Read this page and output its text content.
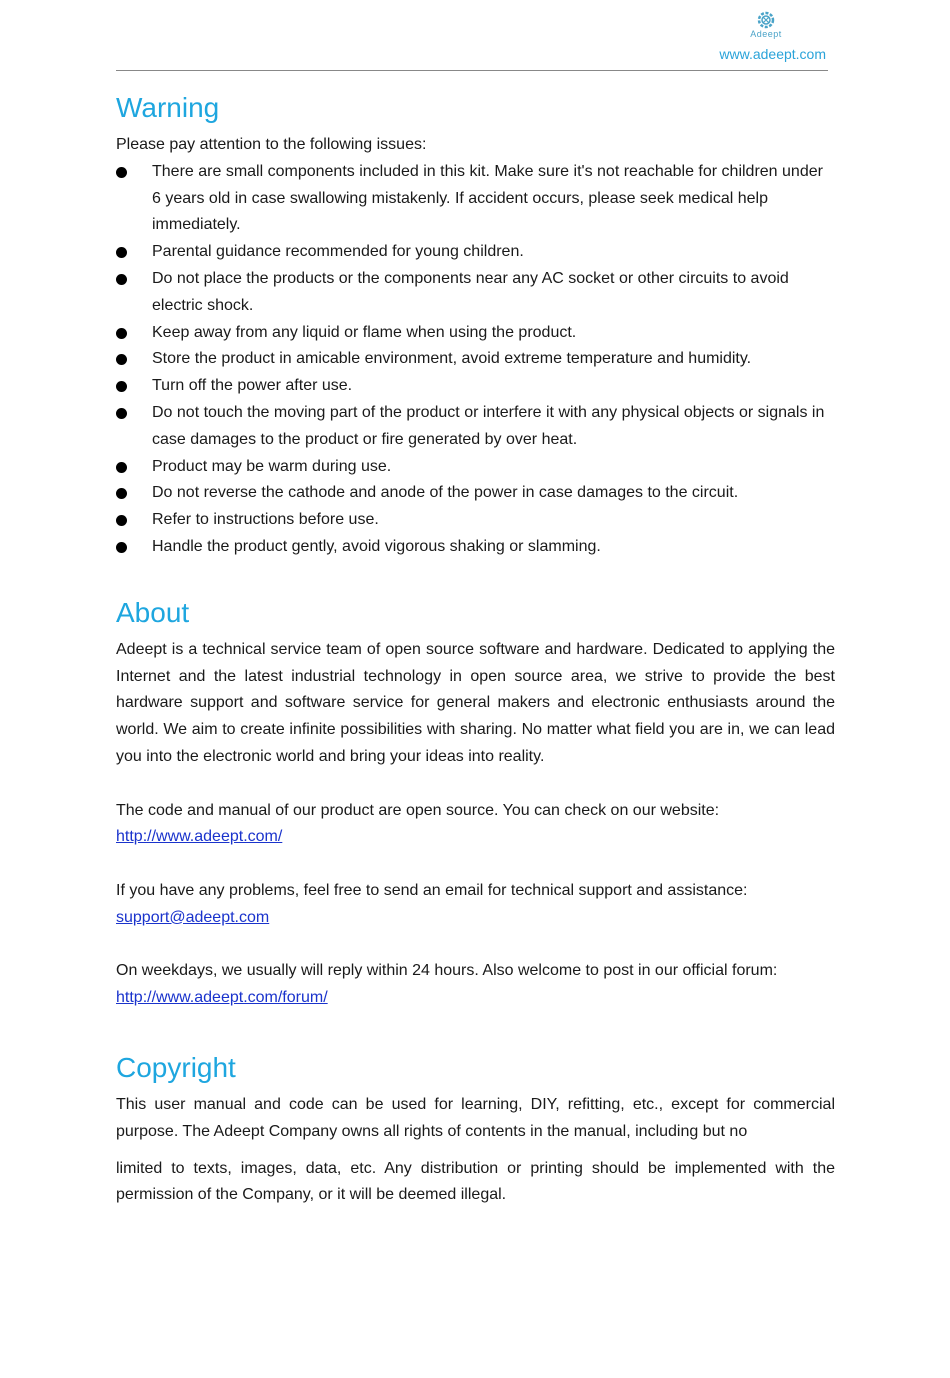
Adeept
www.adeept.com
Warning

Please pay attention to the following issues:

There are small components included in this kit. Make sure it's not reachable for children under 6 years old in case swallowing mistakenly. If accident occurs, please seek medical help immediately.
Parental guidance recommended for young children.
Do not place the products or the components near any AC socket or other circuits to avoid electric shock.
Keep away from any liquid or flame when using the product.
Store the product in amicable environment, avoid extreme temperature and humidity.
Turn off the power after use.
Do not touch the moving part of the product or interfere it with any physical objects or signals in case damages to the product or fire generated by over heat.
Product may be warm during use.
Do not reverse the cathode and anode of the power in case damages to the circuit.
Refer to instructions before use.
Handle the product gently, avoid vigorous shaking or slamming.
About

Adeept is a technical service team of open source software and hardware. Dedicated to applying the Internet and the latest industrial technology in open source area, we strive to provide the best hardware support and software service for general makers and electronic enthusiasts around the world. We aim to create infinite possibilities with sharing. No matter what field you are in, we can lead you into the electronic world and bring your ideas into reality.

The code and manual of our product are open source. You can check on our website:

http://www.adeept.com/

If you have any problems, feel free to send an email for technical support and assistance:

support@adeept.com

On weekdays, we usually will reply within 24 hours. Also welcome to post in our official forum:

http://www.adeept.com/forum/
Copyright

This user manual and code can be used for learning, DIY, refitting, etc., except for commercial purpose. The Adeept Company owns all rights of contents in the manual, including but no

limited to texts, images, data, etc. Any distribution or printing should be implemented with the permission of the Company, or it will be deemed illegal.
